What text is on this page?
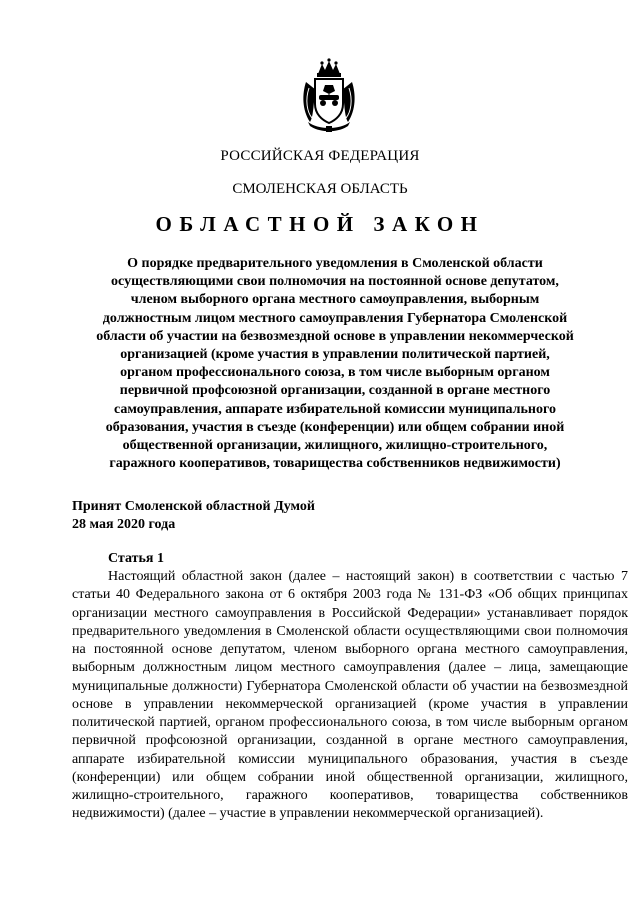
РОССИЙСКАЯ ФЕДЕРАЦИЯ
СМОЛЕНСКАЯ ОБЛАСТЬ
ОБЛАСТНОЙ ЗАКОН
О порядке предварительного уведомления в Смоленской области осуществляющими свои полномочия на постоянной основе депутатом, членом выборного органа местного самоуправления, выборным должностным лицом местного самоуправления Губернатора Смоленской области об участии на безвозмездной основе в управлении некоммерческой организацией (кроме участия в управлении политической партией, органом профессионального союза, в том числе выборным органом первичной профсоюзной организации, созданной в органе местного самоуправления, аппарате избирательной комиссии муниципального образования, участия в съезде (конференции) или общем собрании иной общественной организации, жилищного, жилищно-строительного, гаражного кооперативов, товарищества собственников недвижимости)
Принят Смоленской областной Думой
28 мая 2020 года
Статья 1

Настоящий областной закон (далее – настоящий закон) в соответствии с частью 7 статьи 40 Федерального закона от 6 октября 2003 года № 131-ФЗ «Об общих принципах организации местного самоуправления в Российской Федерации» устанавливает порядок предварительного уведомления в Смоленской области осуществляющими свои полномочия на постоянной основе депутатом, членом выборного органа местного самоуправления, выборным должностным лицом местного самоуправления (далее – лица, замещающие муниципальные должности) Губернатора Смоленской области об участии на безвозмездной основе в управлении некоммерческой организацией (кроме участия в управлении политической партией, органом профессионального союза, в том числе выборным органом первичной профсоюзной организации, созданной в органе местного самоуправления, аппарате избирательной комиссии муниципального образования, участия в съезде (конференции) или общем собрании иной общественной организации, жилищного, жилищно-строительного, гаражного кооперативов, товарищества собственников недвижимости) (далее – участие в управлении некоммерческой организацией).
